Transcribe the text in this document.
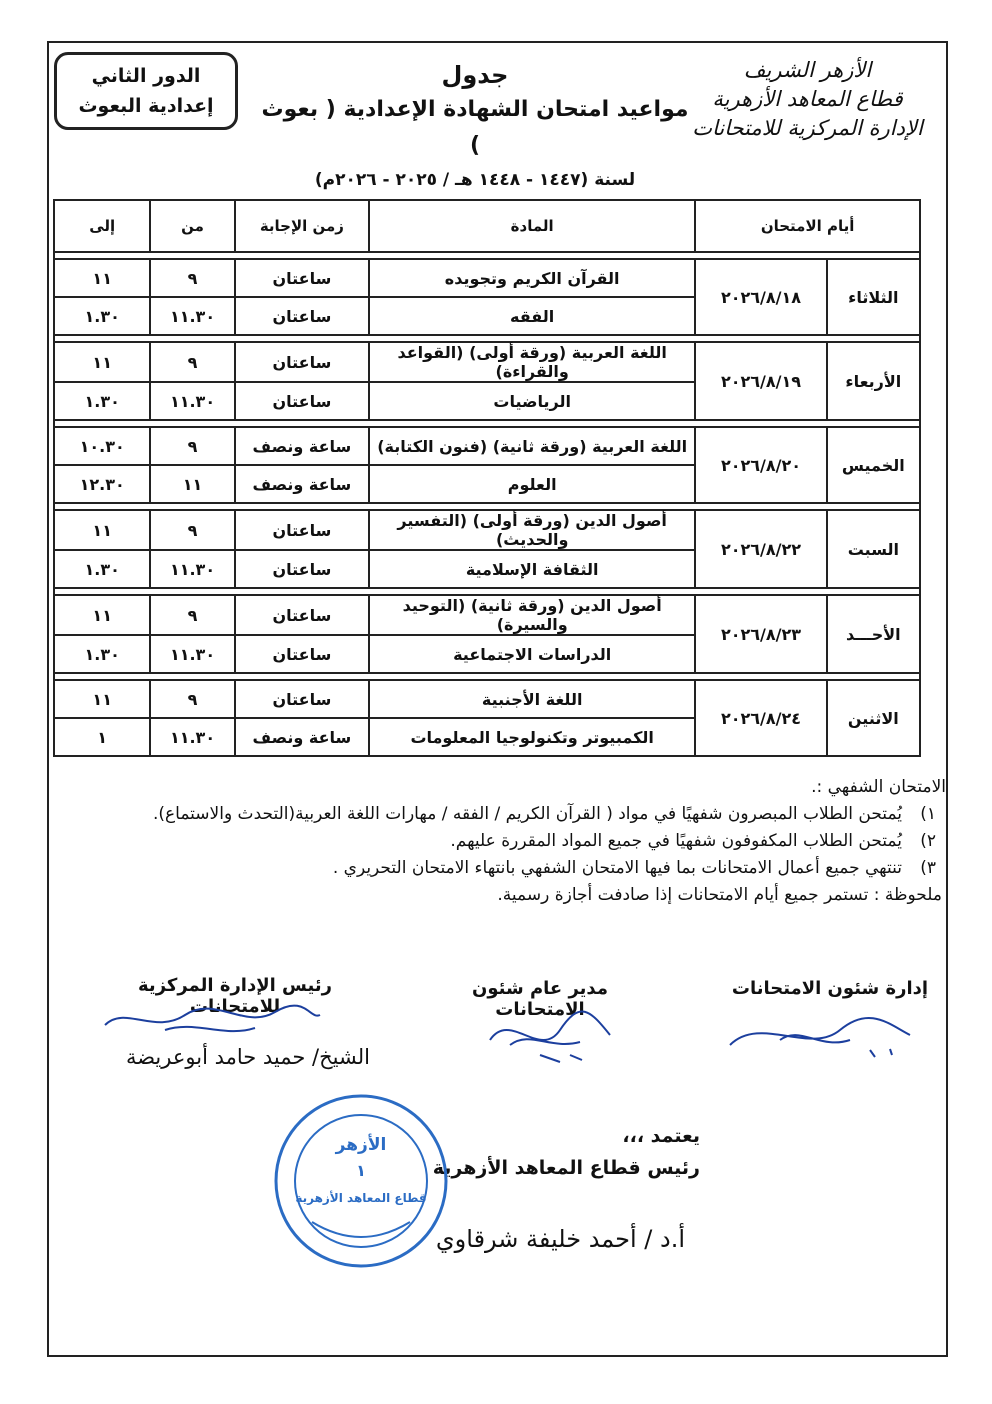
الدور الثاني
إعدادية البعوث
جدول
مواعيد امتحان الشهادة الإعدادية ( بعوث )
لسنة (١٤٤٧ - ١٤٤٨ هـ / ٢٠٢٥ - ٢٠٢٦م)
الأزهر الشريف
قطاع المعاهد الأزهرية
الإدارة المركزية للامتحانات
أيام الامتحان		المادة	زمن الإجابة	من	إلى

الثلاثاء	٢٠٢٦/٨/١٨	القرآن الكريم وتجويده	ساعتان	٩	١١
		الفقه	ساعتان	١١.٣٠	١.٣٠

الأربعاء	٢٠٢٦/٨/١٩	اللغة العربية (ورقة أولى) (القواعد والقراءة)	ساعتان	٩	١١
		الرياضيات	ساعتان	١١.٣٠	١.٣٠

الخميس	٢٠٢٦/٨/٢٠	اللغة العربية (ورقة ثانية) (فنون الكتابة)	ساعة ونصف	٩	١٠.٣٠
		العلوم	ساعة ونصف	١١	١٢.٣٠

السبت	٢٠٢٦/٨/٢٢	أصول الدين (ورقة أولى) (التفسير والحديث)	ساعتان	٩	١١
		الثقافة الإسلامية	ساعتان	١١.٣٠	١.٣٠

الأحـــد	٢٠٢٦/٨/٢٣	أصول الدين (ورقة ثانية) (التوحيد والسيرة)	ساعتان	٩	١١
		الدراسات الاجتماعية	ساعتان	١١.٣٠	١.٣٠

الاثنين	٢٠٢٦/٨/٢٤	اللغة الأجنبية	ساعتان	٩	١١
		الكمبيوتر وتكنولوجيا المعلومات	ساعة ونصف	١١.٣٠	١
الامتحان الشفهي :.
١)
يُمتحن الطلاب المبصرون شفهيًا في مواد ( القرآن الكريم / الفقه / مهارات اللغة العربية(التحدث والاستماع).
٢)
يُمتحن الطلاب المكفوفون شفهيًا في جميع المواد المقررة عليهم.
٣)
تنتهي جميع أعمال الامتحانات بما فيها الامتحان الشفهي بانتهاء الامتحان التحريري .
ملحوظة : تستمر جميع أيام الامتحانات إذا صادفت أجازة رسمية.
إدارة شئون الامتحانات
مدير عام شئون الامتحانات
رئيس الإدارة المركزية للامتحانات
الشيخ/ حميد حامد أبوعريضة
يعتمد ،،،
رئيس قطاع المعاهد الأزهرية
أ.د / أحمد خليفة شرقاوي
الأزهر
١
قطاع المعاهد الأزهرية
